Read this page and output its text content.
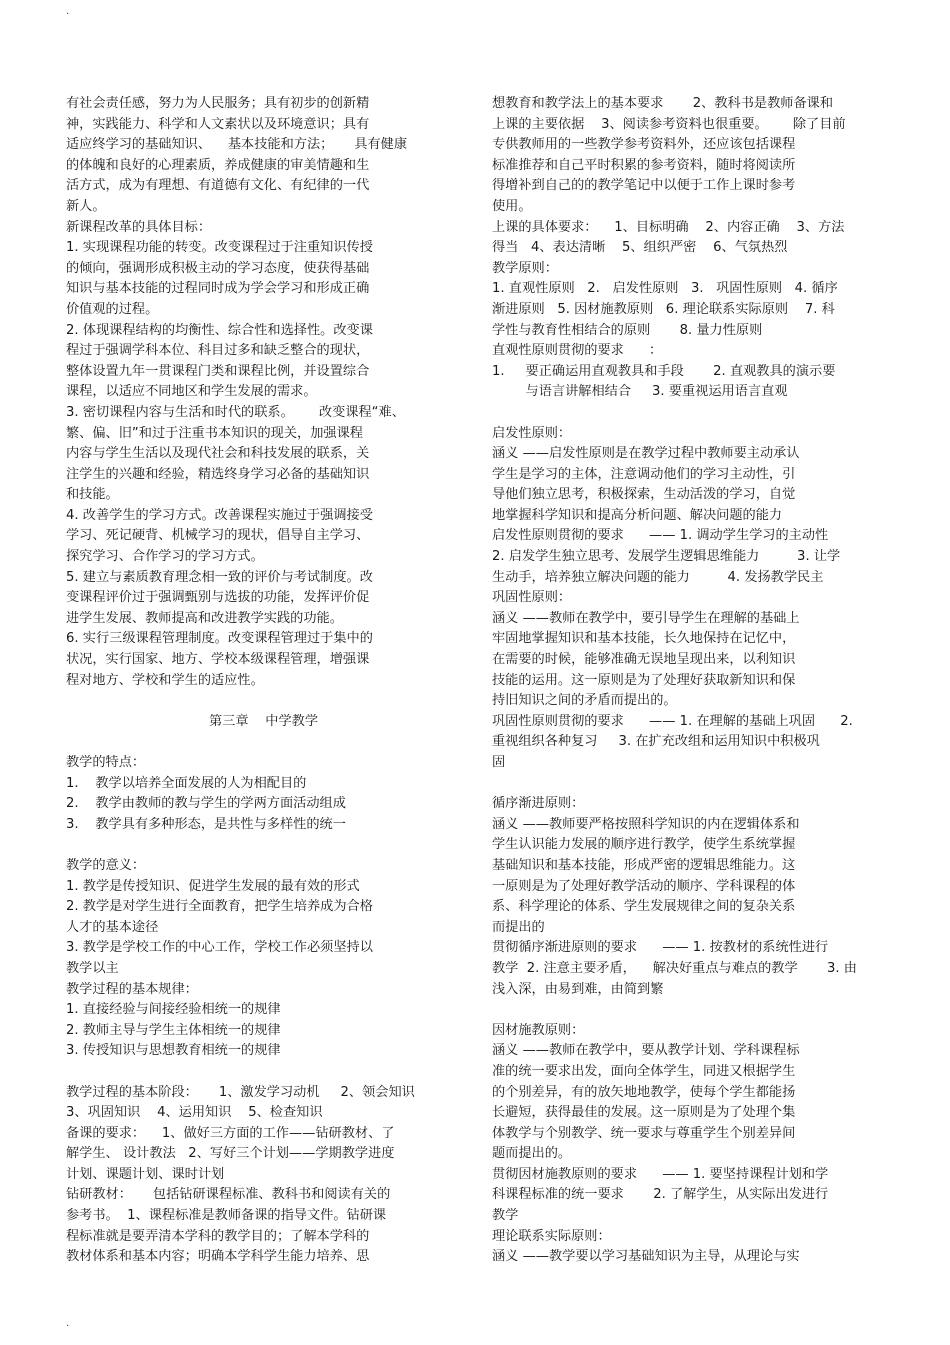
.
有社会责任感，努力为人民服务；具有初步的创新精
神，实践能力、科学和人文素状以及环境意识；具有
适应终学习的基础知识、    基本技能和方法；     具有健康
的体魄和良好的心理素质，养成健康的审美情趣和生
活方式，成为有理想、有道德有文化、有纪律的一代
新人。
新课程改革的具体目标：
1. 实现课程功能的转变。改变课程过于注重知识传授
的倾向，强调形成积极主动的学习态度，使获得基础
知识与基本技能的过程同时成为学会学习和形成正确
价值观的过程。
2. 体现课程结构的均衡性、综合性和选择性。改变课
程过于强调学科本位、科目过多和缺乏整合的现状，
整体设置九年一贯课程门类和课程比例，并设置综合
课程，以适应不同地区和学生发展的需求。
3. 密切课程内容与生活和时代的联系。      改变课程“难、
繁、偏、旧”和过于注重书本知识的现关，加强课程
内容与学生生活以及现代社会和科技发展的联系，关
注学生的兴趣和经验，精选终身学习必备的基础知识
和技能。
4. 改善学生的学习方式。改善课程实施过于强调接受
学习、死记硬背、机械学习的现状，倡导自主学习、
探究学习、合作学习的学习方式。
5. 建立与素质教育理念相一致的评价与考试制度。改
变课程评价过于强调甄别与选拔的功能，发挥评价促
进学生发展、教师提高和改进教学实践的功能。
6. 实行三级课程管理制度。改变课程管理过于集中的
状况，实行国家、地方、学校本级课程管理，增强课
程对地方、学校和学生的适应性。
第三章    中学教学
教学的特点：
1.    教学以培养全面发展的人为相配目的
2.    教学由教师的教与学生的学两方面活动组成
3.    教学具有多种形态，是共性与多样性的统一
教学的意义：
1. 教学是传授知识、促进学生发展的最有效的形式
2. 教学是对学生进行全面教育，把学生培养成为合格
人才的基本途径
3. 教学是学校工作的中心工作，学校工作必须坚持以
教学以主
教学过程的基本规律：
1. 直接经验与间接经验相统一的规律
2. 教师主导与学生主体相统一的规律
3. 传授知识与思想教育相统一的规律
教学过程的基本阶段：     1、激发学习动机     2、领会知识
3、巩固知识    4、运用知识    5、检查知识
备课的要求：    1、做好三方面的工作——钻研教材、了
解学生、 设计教法   2、写好三个计划——学期教学进度
计划、课题计划、课时计划
钻研教材：     包括钻研课程标准、教科书和阅读有关的
参考书。  1、课程标准是教师备课的指导文件。钻研课
程标准就是要弄清本学科的教学目的；了解本学科的
教材体系和基本内容；明确本学科学生能力培养、思
想教育和教学法上的基本要求       2、教科书是教师备课和
上课的主要依据    3、阅读参考资料也很重要。      除了目前
专供教师用的一些教学参考资料外，还应该包括课程
标准推荐和自己平时积累的参考资料，随时将阅读所
得增补到自己的的教学笔记中以便于工作上课时参考
使用。
上课的具体要求：    1、目标明确    2、内容正确    3、方法
得当   4、表达清晰    5、组织严密    6、气氛热烈
教学原则：
1. 直观性原则   2.   启发性原则   3.   巩固性原则   4. 循序
渐进原则   5. 因材施教原则   6. 理论联系实际原则    7. 科
学性与教育性相结合的原则       8. 量力性原则
直观性原则贯彻的要求      ：
1.     要正确运用直观教具和手段       2. 直观教具的演示要
与语言讲解相结合     3. 要重视运用语言直观
启发性原则：
涵义 ——启发性原则是在教学过程中教师要主动承认
学生是学习的主体，注意调动他们的学习主动性，引
导他们独立思考，积极探索，生动活泼的学习，自觉
地掌握科学知识和提高分析问题、解决问题的能力
启发性原则贯彻的要求      —— 1. 调动学生学习的主动性
2. 启发学生独立思考、发展学生逻辑思维能力         3. 让学
生动手，培养独立解决问题的能力         4. 发扬教学民主
巩固性原则：
涵义 ——教师在教学中，要引导学生在理解的基础上
牢固地掌握知识和基本技能，长久地保持在记忆中，
在需要的时候，能够准确无误地呈现出来，以利知识
技能的运用。这一原则是为了处理好获取新知识和保
持旧知识之间的矛盾而提出的。
巩固性原则贯彻的要求      —— 1. 在理解的基础上巩固      2.
重视组织各种复习     3. 在扩充改组和运用知识中积极巩
固
循序渐进原则：
涵义 ——教师要严格按照科学知识的内在逻辑体系和
学生认识能力发展的顺序进行教学，使学生系统掌握
基础知识和基本技能，形成严密的逻辑思维能力。这
一原则是为了处理好教学活动的顺序、学科课程的体
系、科学理论的体系、学生发展规律之间的复杂关系
而提出的
贯彻循序渐进原则的要求      —— 1. 按教材的系统性进行
教学  2. 注意主要矛盾，    解决好重点与难点的教学       3. 由
浅入深，由易到难，由简到繁
因材施教原则：
涵义 ——教师在教学中，要从教学计划、学科课程标
准的统一要求出发，面向全体学生，同进又根据学生
的个别差异，有的放矢地地教学，使每个学生都能扬
长避短，获得最佳的发展。这一原则是为了处理个集
体教学与个别教学、统一要求与尊重学生个别差异间
题而提出的。
贯彻因材施教原则的要求      —— 1. 要坚持课程计划和学
科课程标准的统一要求       2. 了解学生，从实际出发进行
教学
理论联系实际原则：
涵义 ——教学要以学习基础知识为主导，从理论与实
.
